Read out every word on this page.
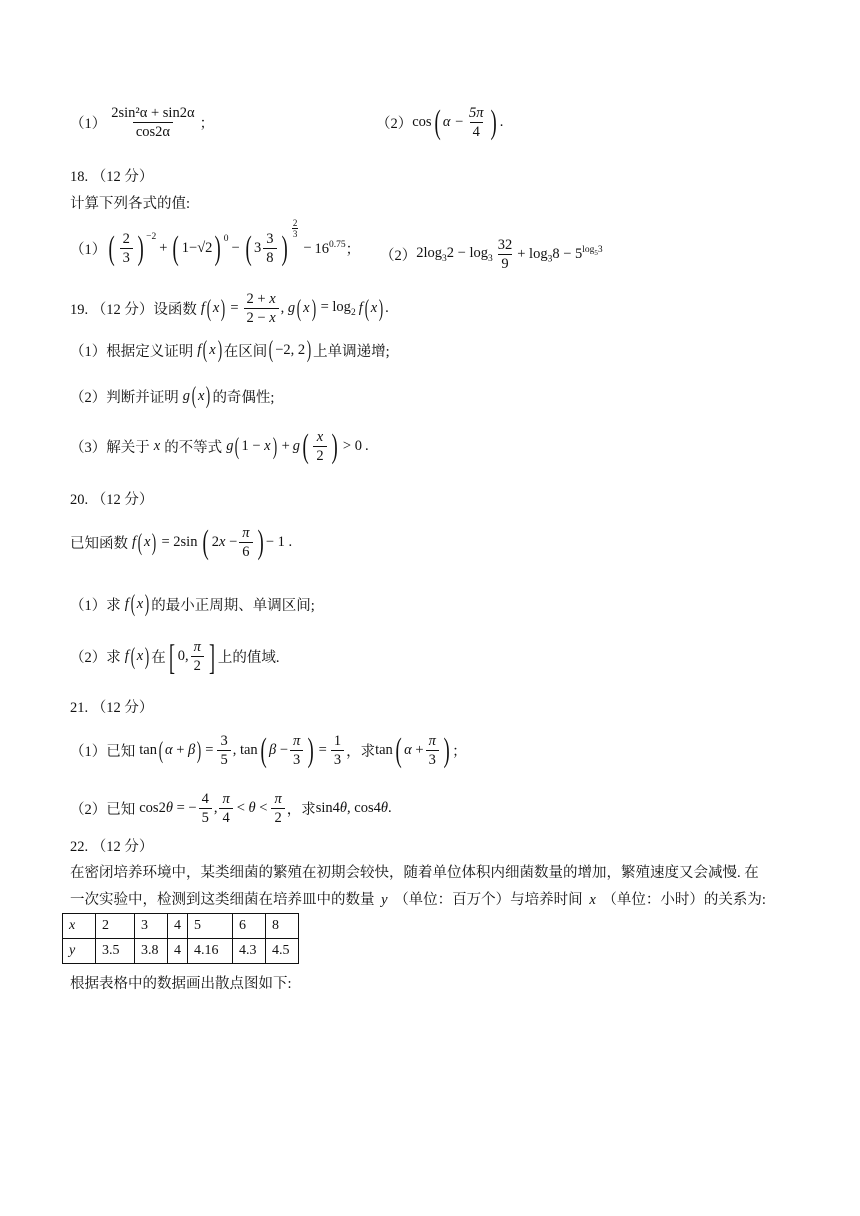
$(1) \frac{\text{2sin²α + sin2α}}{\cos 2\alpha}$ ；	（2） cos ( $\alpha - \frac{5\pi}{4}$ ) .
18. （12 分）
计算下列各式的值:
（1） ( $\frac{2}{3}$ ) $^{-2}$
+ ( 1−√2 ) $^0$
− ( $3 \frac{3}{8}$ )
$\frac{2}{3}$
− $16^{0.75}$ ； （2） $2\log_32 - \log_3 \frac{32}{9} + \log_38 - 5^{log_53}$
19. （12 分）设函数 f ( x ) = $\frac{2 + x}{2 - x}$ , g ( x ) = $\log_2 f$ ( x ) .
（1）根据定义证明 f ( x ) 在区间 ( −2, 2 ) 上单调递增;
（2）判断并证明 g ( x ) 的奇偶性;
（3）解关于 x 的不等式 g ( 1 − x ) + g ( $\frac{x}{2}$ ) > 0 .
20. （12 分）
已知函数 f ( x ) = 2sin ( $2x - \frac{\pi}{6}$ ) − 1 .
（1）求 f ( x ) 的最小正周期、单调区间;
（2）求 f ( x ) 在 [ 0, $\frac{\pi}{2}$ ] 上的值域.
21. （12 分）
（1）已知 tan ( α + β ) = $\frac{3}{5}$ , tan ( $\beta - \frac{\pi}{3}$ ) = $\frac{1}{3}$ ，求 tan ( $\alpha + \frac{\pi}{3}$ ) ；
（2）已知 cos2θ = − $\frac{4}{5}$ , $\frac{\pi}{4} < \theta < \frac{\pi}{2}$ ，求 sin4θ, cos4θ .
22. （12 分）
在密闭培养环境中，某类细菌的繁殖在初期会较快，随着单位体积内细菌数量的增加，繁殖速度又会减慢. 在
一次实验中，检测到这类细菌在培养皿中的数量 y （单位：百万个）与培养时间 x （单位：小时）的关系为:
x	2	3	4	5	6	8
y	3.5	3.8	4	4.16	4.3	4.5
根据表格中的数据画出散点图如下:
